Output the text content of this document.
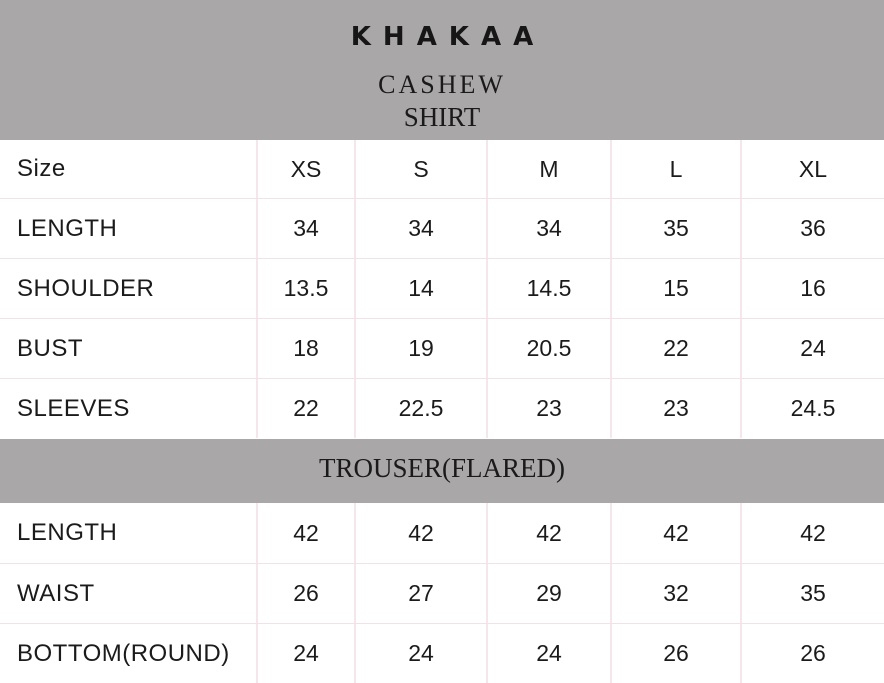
KHAKAA
CASHEW
SHIRT
Size	XS	S	M	L	XL
LENGTH	34	34	34	35	36
SHOULDER	13.5	14	14.5	15	16
BUST	18	19	20.5	22	24
SLEEVES	22	22.5	23	23	24.5
TROUSER(FLARED)
LENGTH	42	42	42	42	42
WAIST	26	27	29	32	35
BOTTOM(ROUND)	24	24	24	26	26
